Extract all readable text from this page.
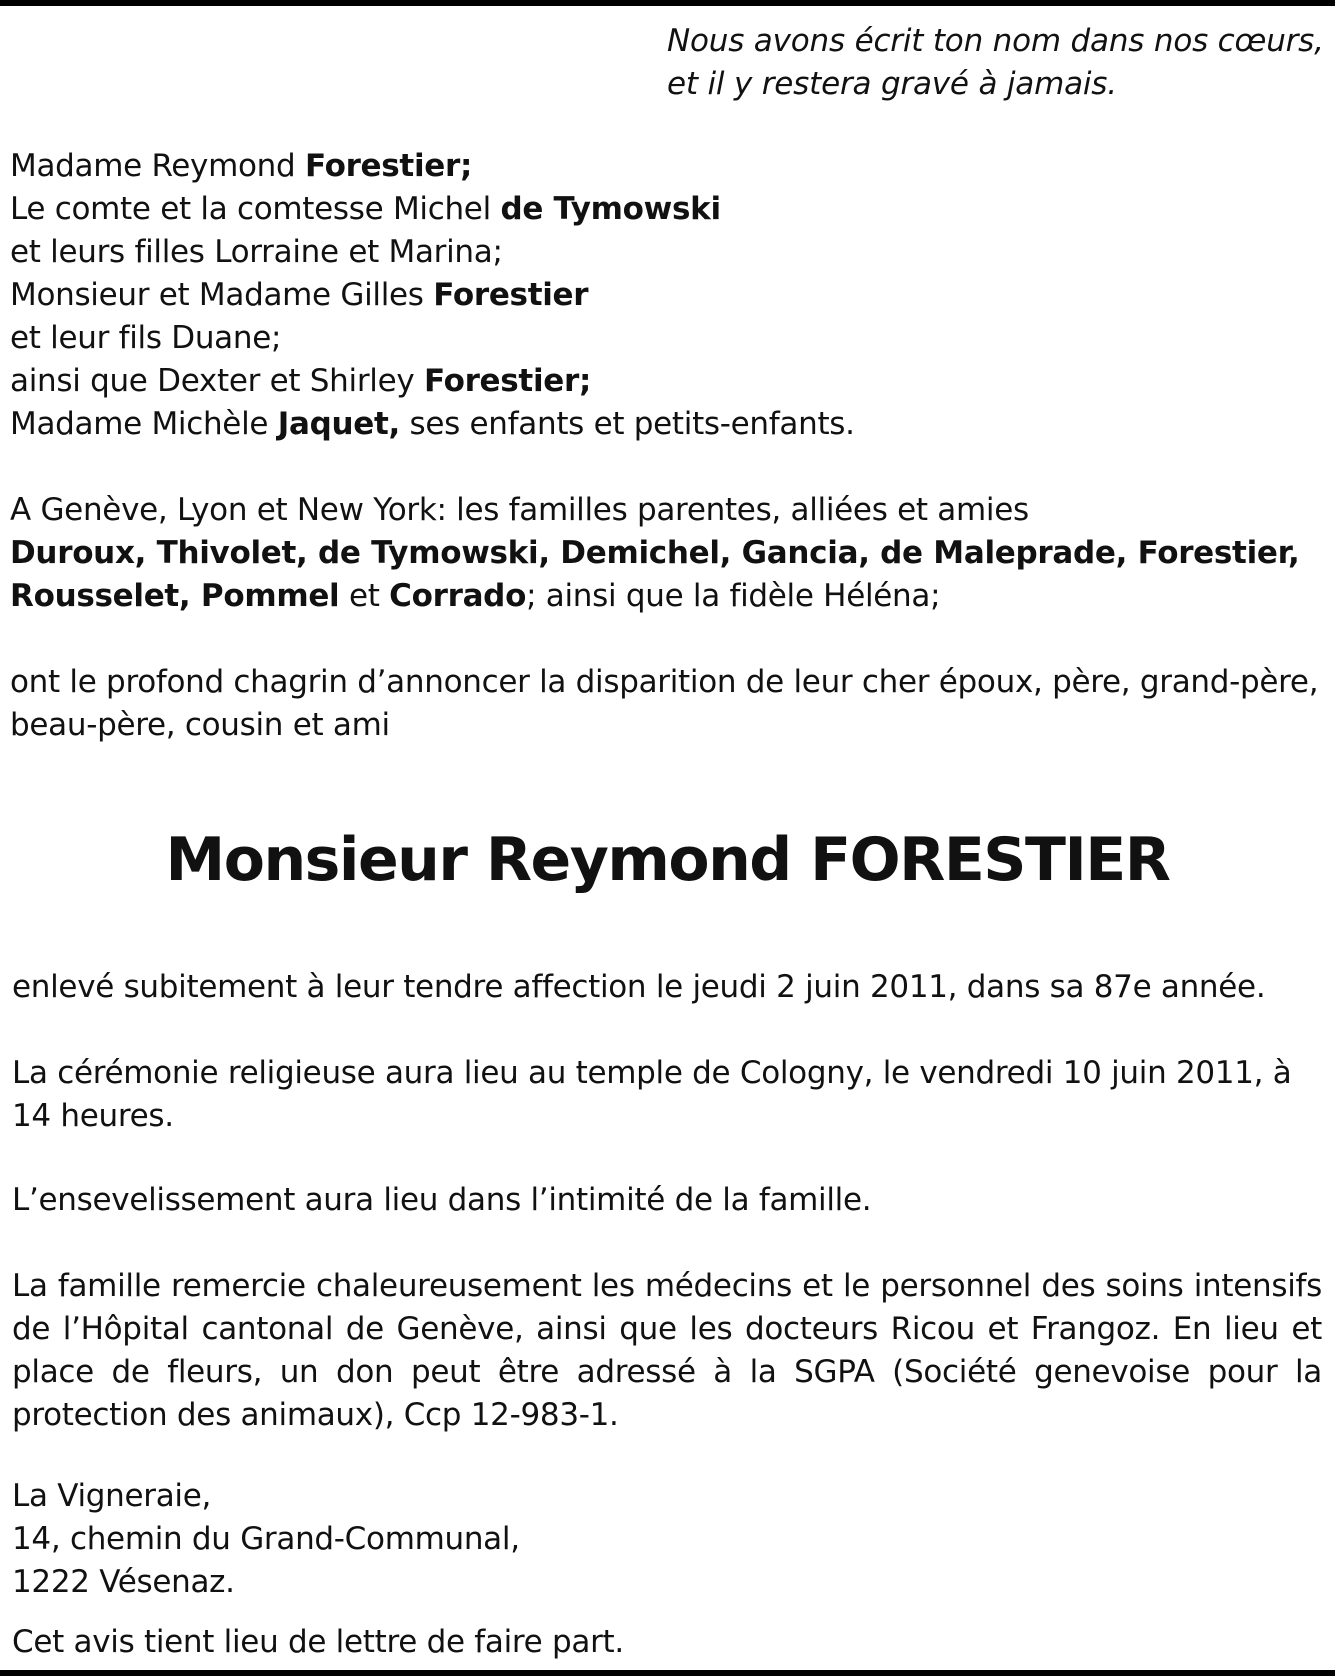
Nous avons écrit ton nom dans nos cœurs,
et il y restera gravé à jamais.
Madame Reymond Forestier;
Le comte et la comtesse Michel de Tymowski
et leurs filles Lorraine et Marina;
Monsieur et Madame Gilles Forestier
et leur fils Duane;
ainsi que Dexter et Shirley Forestier;
Madame Michèle Jaquet, ses enfants et petits-enfants.
A Genève, Lyon et New York: les familles parentes, alliées et amies
Duroux, Thivolet, de Tymowski, Demichel, Gancia, de Maleprade, Forestier,
Rousselet, Pommel et Corrado; ainsi que la fidèle Héléna;
ont le profond chagrin d’annoncer la disparition de leur cher époux, père, grand-père,
beau-père, cousin et ami
Monsieur Reymond FORESTIER
enlevé subitement à leur tendre affection le jeudi 2 juin 2011, dans sa 87e année.
La cérémonie religieuse aura lieu au temple de Cologny, le vendredi 10 juin 2011, à 14 heures.
L’ensevelissement aura lieu dans l’intimité de la famille.
La famille remercie chaleureusement les médecins et le personnel des soins intensifs de l’Hôpital cantonal de Genève, ainsi que les docteurs Ricou et Frangoz. En lieu et place de fleurs, un don peut être adressé à la SGPA (Société genevoise pour la protection des animaux), Ccp 12-983-1.
La Vigneraie,
14, chemin du Grand-Communal,
1222 Vésenaz.
Cet avis tient lieu de lettre de faire part.
